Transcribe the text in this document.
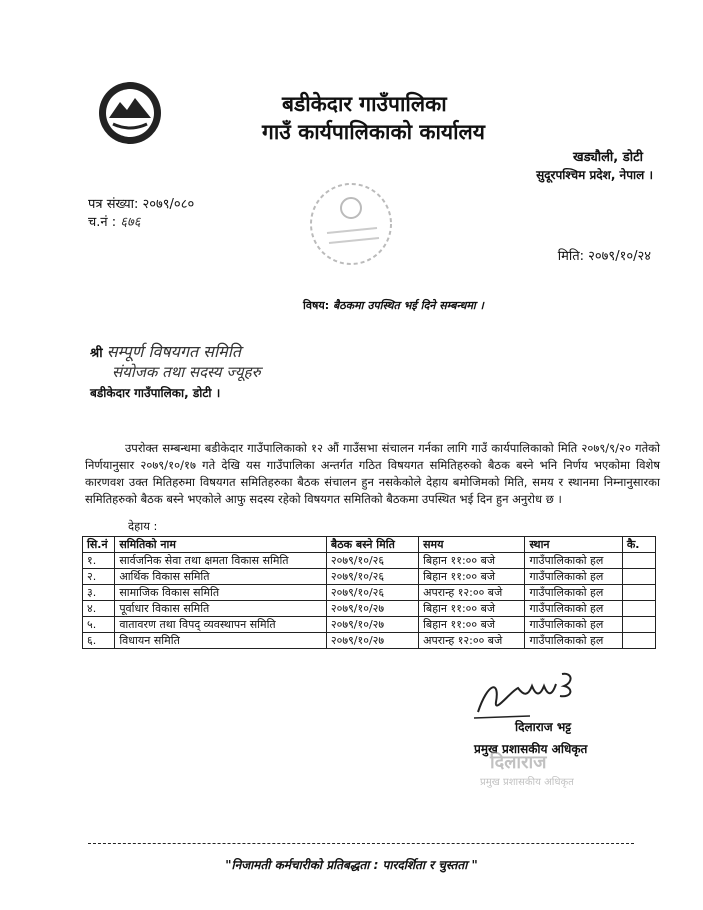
बडीकेदार गाउँपालिका
गाउँ कार्यपालिकाको कार्यालय
खड्यौली, डोटी
सुदूरपश्चिम प्रदेश, नेपाल ।
पत्र संख्या: २०७९/०८०
च.नं : ६७६
मिति: २०७९/१०/२४
विषय: बैठकमा उपस्थित भई दिने सम्बन्धमा ।
श्री सम्पूर्ण विषयगत समिति
संयोजक तथा सदस्य ज्यूहरु
बडीकेदार गाउँपालिका, डोटी ।
उपरोक्त सम्बन्धमा बडीकेदार गाउँपालिकाको १२ औं गाउँसभा संचालन गर्नका लागि गाउँ कार्यपालिकाको मिति २०७९/९/२० गतेको निर्णयानुसार २०७९/१०/१७ गते देखि यस गाउँपालिका अन्तर्गत गठित विषयगत समितिहरुको बैठक बस्ने भनि निर्णय भएकोमा विशेष कारणवश उक्त मितिहरुमा विषयगत समितिहरुका बैठक संचालन हुन नसकेकोले देहाय बमोजिमको मिति, समय र स्थानमा निम्नानुसारका समितिहरुको बैठक बस्ने भएकोले आफु सदस्य रहेको विषयगत समितिको बैठकमा उपस्थित भई दिन हुन अनुरोध छ ।
देहाय :
सि.नं	समितिको नाम	बैठक बस्ने मिति	समय	स्थान	कै.
१.	सार्वजनिक सेवा तथा क्षमता विकास समिति	२०७९/१०/२६	बिहान ११:०० बजे	गाउँपालिकाको हल	
२.	आर्थिक विकास समिति	२०७९/१०/२६	बिहान ११:०० बजे	गाउँपालिकाको हल	
३.	सामाजिक विकास समिति	२०७९/१०/२६	अपरान्ह १२:०० बजे	गाउँपालिकाको हल	
४.	पूर्वाधार विकास समिति	२०७९/१०/२७	बिहान ११:०० बजे	गाउँपालिकाको हल	
५.	वातावरण तथा विपद् व्यवस्थापन समिति	२०७९/१०/२७	बिहान ११:०० बजे	गाउँपालिकाको हल	
६.	विधायन समिति	२०७९/१०/२७	अपरान्ह १२:०० बजे	गाउँपालिकाको हल	
दिलाराज भट्ट
प्रमुख प्रशासकीय अधिकृत
दिलाराज
प्रमुख प्रशासकीय अधिकृत
"निजामती कर्मचारीको प्रतिबद्धता : पारदर्शिता र चुस्तता "
